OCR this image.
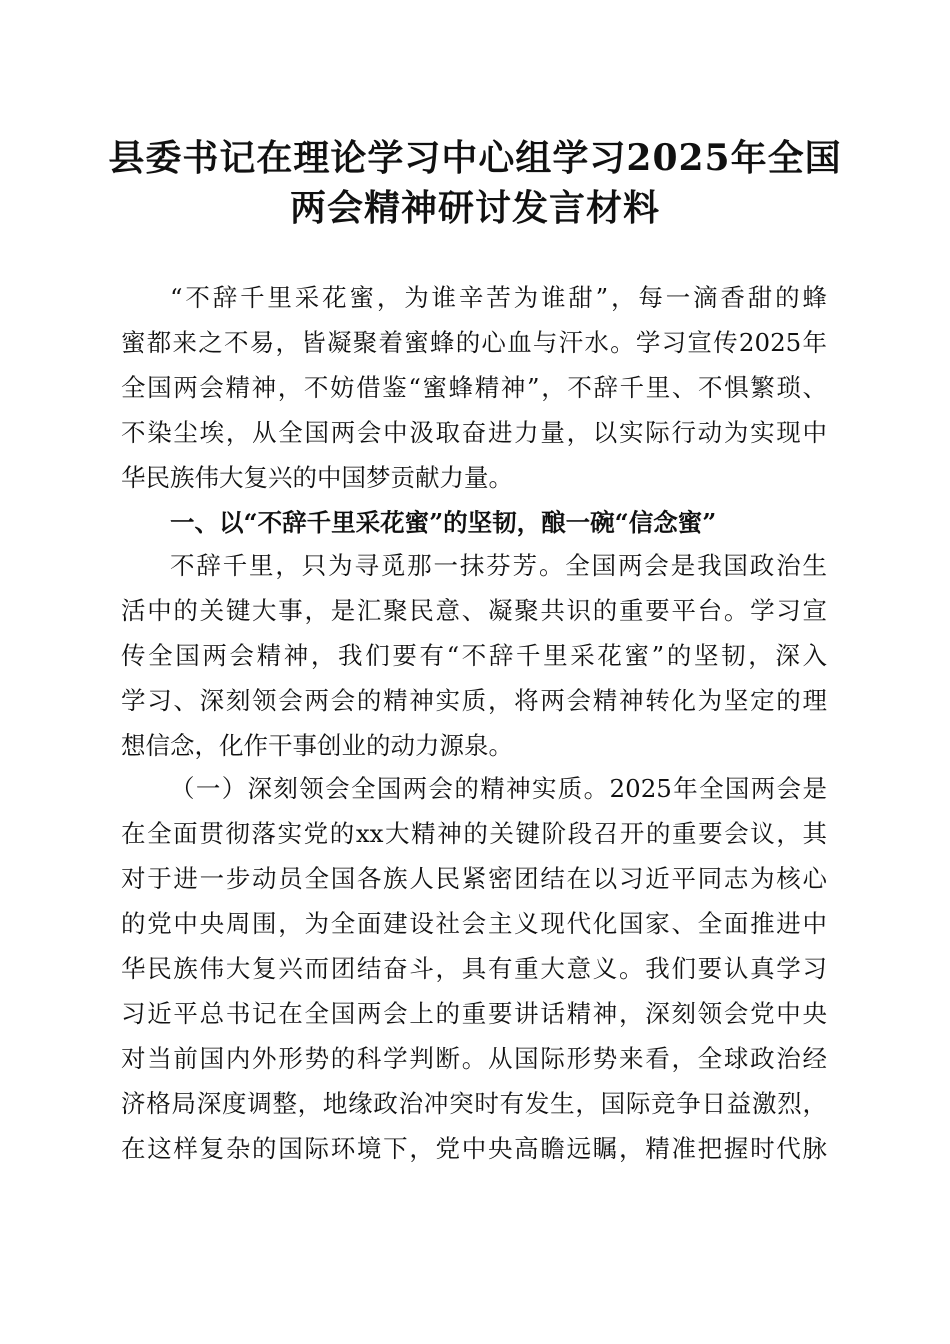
县委书记在理论学习中心组学习2025年全国
两会精神研讨发言材料
“不辞千里采花蜜，为谁辛苦为谁甜”，每一滴香甜的蜂
蜜都来之不易，皆凝聚着蜜蜂的心血与汗水。学习宣传2025年
全国两会精神，不妨借鉴“蜜蜂精神”，不辞千里、不惧繁琐、
不染尘埃，从全国两会中汲取奋进力量，以实际行动为实现中
华民族伟大复兴的中国梦贡献力量。
一、以“不辞千里采花蜜”的坚韧，酿一碗“信念蜜”
不辞千里，只为寻觅那一抹芬芳。全国两会是我国政治生
活中的关键大事，是汇聚民意、凝聚共识的重要平台。学习宣
传全国两会精神，我们要有“不辞千里采花蜜”的坚韧，深入
学习、深刻领会两会的精神实质，将两会精神转化为坚定的理
想信念，化作干事创业的动力源泉。
（一）深刻领会全国两会的精神实质。2025年全国两会是
在全面贯彻落实党的xx大精神的关键阶段召开的重要会议，其
对于进一步动员全国各族人民紧密团结在以习近平同志为核心
的党中央周围，为全面建设社会主义现代化国家、全面推进中
华民族伟大复兴而团结奋斗，具有重大意义。我们要认真学习
习近平总书记在全国两会上的重要讲话精神，深刻领会党中央
对当前国内外形势的科学判断。从国际形势来看，全球政治经
济格局深度调整，地缘政治冲突时有发生，国际竞争日益激烈，
在这样复杂的国际环境下，党中央高瞻远瞩，精准把握时代脉
